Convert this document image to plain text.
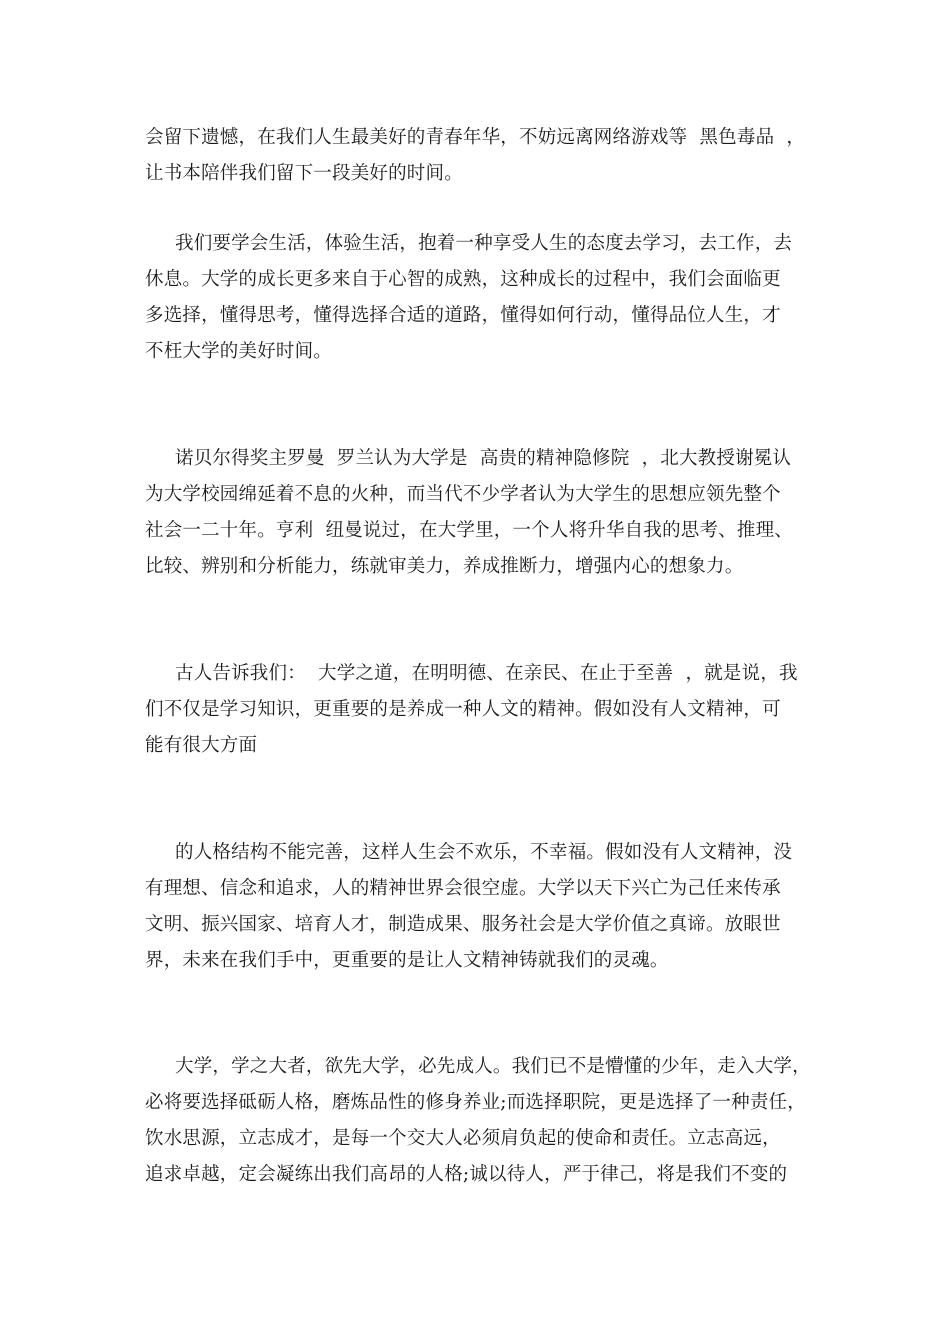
会留下遗憾，在我们人生最美好的青春年华，不妨远离网络游戏等  黑色毒品  ，
让书本陪伴我们留下一段美好的时间。
我们要学会生活，体验生活，抱着一种享受人生的态度去学习，去工作，去
休息。大学的成长更多来自于心智的成熟，这种成长的过程中，我们会面临更
多选择，懂得思考，懂得选择合适的道路，懂得如何行动，懂得品位人生，才
不枉大学的美好时间。
诺贝尔得奖主罗曼  罗兰认为大学是  高贵的精神隐修院  ，北大教授谢冕认
为大学校园绵延着不息的火种，而当代不少学者认为大学生的思想应领先整个
社会一二十年。亨利  纽曼说过，在大学里，一个人将升华自我的思考、推理、
比较、辨别和分析能力，练就审美力，养成推断力，增强内心的想象力。
古人告诉我们：  大学之道，在明明德、在亲民、在止于至善  ，就是说，我
们不仅是学习知识，更重要的是养成一种人文的精神。假如没有人文精神，可
能有很大方面
的人格结构不能完善，这样人生会不欢乐，不幸福。假如没有人文精神，没
有理想、信念和追求，人的精神世界会很空虚。大学以天下兴亡为己任来传承
文明、振兴国家、培育人才，制造成果、服务社会是大学价值之真谛。放眼世
界，未来在我们手中，更重要的是让人文精神铸就我们的灵魂。
大学，学之大者，欲先大学，必先成人。我们已不是懵懂的少年，走入大学，
必将要选择砥砺人格，磨炼品性的修身养业;而选择职院，更是选择了一种责任，
饮水思源，立志成才，是每一个交大人必须肩负起的使命和责任。立志高远，
追求卓越，定会凝练出我们高昂的人格;诚以待人，严于律己，将是我们不变的
